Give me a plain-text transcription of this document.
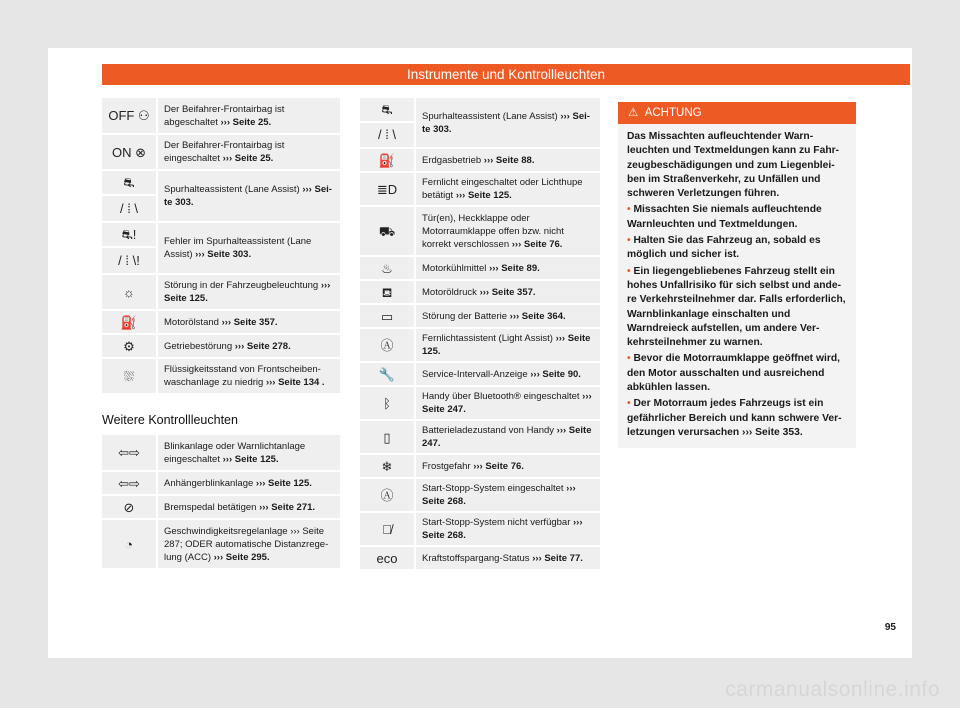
Instrumente und Kontrollleuchten
OFF ⚇	Der Beifahrer-Frontairbag ist abgeschaltet ››› Seite 25.
ON ⊗	Der Beifahrer-Frontairbag ist eingeschaltet ››› Seite 25.

⛐
/ ⁞ \	Spurhalteassistent (Lane Assist) ››› Seite 303.

⛐!
/ ⁞ \!	Fehler im Spurhalteassistent (Lane Assist) ››› Seite 303.
☼	Störung in der Fahrzeugbeleuchtung ››› Seite 125.
⛽	Motorölstand ››› Seite 357.
⚙	Getriebestörung ››› Seite 278.
⛆	Flüssigkeitsstand von Frontscheibenwaschanlage zu niedrig ››› Seite 134 .
Weitere Kontrollleuchten
⇦⇨	Blinkanlage oder Warnlichtanlage eingeschaltet ››› Seite 125.
⇦⇨	Anhängerblinkanlage ››› Seite 125.
⊘	Bremspedal betätigen ››› Seite 271.
◔	Geschwindigkeitsregelanlage ››› Seite 287; ODER automatische Distanzregelung (ACC) ››› Seite 295.
⛐
/ ⁞ \	Spurhalteassistent (Lane Assist) ››› Seite 303.
⛽	Erdgasbetrieb ››› Seite 88.
≣D	Fernlicht eingeschaltet oder Lichthupe betätigt ››› Seite 125.
⛟	Tür(en), Heckklappe oder Motorraumklappe offen bzw. nicht korrekt verschlossen ››› Seite 76.
♨	Motorkühlmittel ››› Seite 89.
⛾	Motoröldruck ››› Seite 357.
▭	Störung der Batterie ››› Seite 364.
Ⓐ	Fernlichtassistent (Light Assist) ››› Seite 125.
🔧	Service-Intervall-Anzeige ››› Seite 90.
ᛒ	Handy über Bluetooth® eingeschaltet ››› Seite 247.
▯	Batterieladezustand von Handy ››› Seite 247.
❄	Frostgefahr ››› Seite 76.
Ⓐ	Start-Stopp-System eingeschaltet ››› Seite 268.
Ⓐ̸	Start-Stopp-System nicht verfügbar ››› Seite 268.
eco	Kraftstoffspargang-Status ››› Seite 77.
⚠ ACHTUNG

Das Missachten aufleuchtender Warnleuchten und Textmeldungen kann zu Fahrzeugbeschädigungen und zum Liegenbleiben im Straßenverkehr, zu Unfällen und schweren Verletzungen führen.

• Missachten Sie niemals aufleuchtende Warnleuchten und Textmeldungen.

• Halten Sie das Fahrzeug an, sobald es möglich und sicher ist.

• Ein liegengebliebenes Fahrzeug stellt ein hohes Unfallrisiko für sich selbst und andere Verkehrsteilnehmer dar. Falls erforderlich, Warnblinkanlage einschalten und Warndreieck aufstellen, um andere Verkehrsteilnehmer zu warnen.

• Bevor die Motorraumklappe geöffnet wird, den Motor ausschalten und ausreichend abkühlen lassen.

• Der Motorraum jedes Fahrzeugs ist ein gefährlicher Bereich und kann schwere Verletzungen verursachen ››› Seite 353.

95
carmanualsonline.info
